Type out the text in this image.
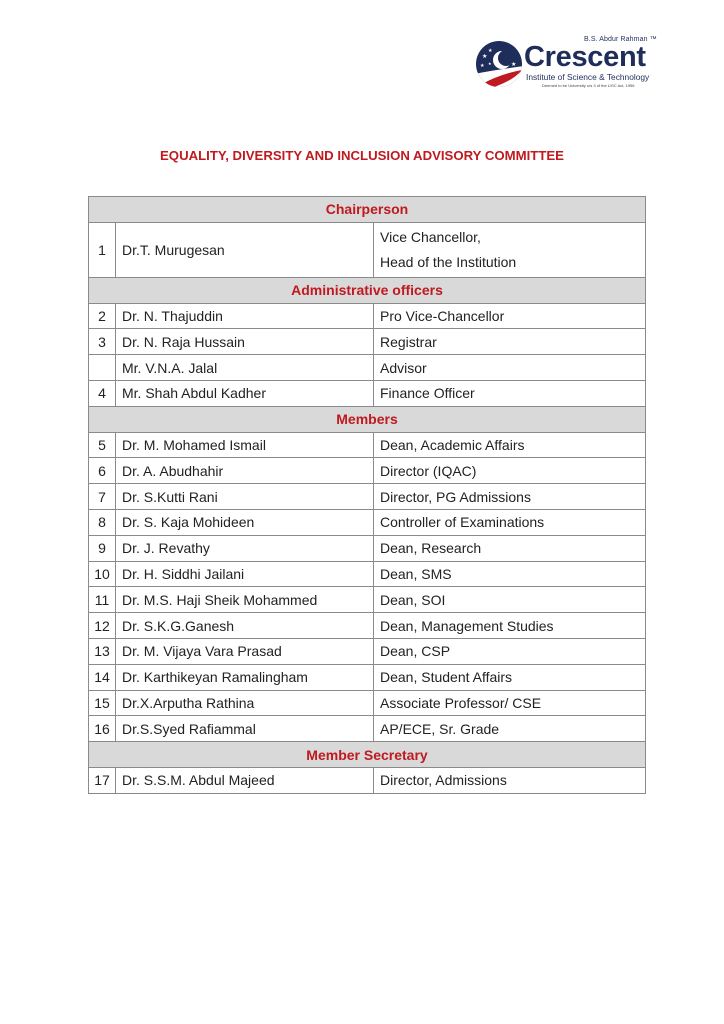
★
★
★	★
★
B.S. Abdur Rahman ™
Crescent
Institute of Science & Technology
Deemed to be University u/s 3 of the UGC Act, 1956
EQUALITY, DIVERSITY AND INCLUSION ADVISORY COMMITTEE
Chairperson		
1	Dr.T. Murugesan	Vice Chancellor,
Head of the Institution

Administrative officers		
2	Dr. N. Thajuddin	Pro Vice-Chancellor
3	Dr. N. Raja Hussain	Registrar
	Mr. V.N.A. Jalal	Advisor
4	Mr. Shah Abdul Kadher	Finance Officer
Members		
5	Dr. M. Mohamed Ismail	Dean, Academic Affairs
6	Dr. A. Abudhahir	Director (IQAC)
7	Dr. S.Kutti Rani	Director, PG Admissions
8	Dr. S. Kaja Mohideen	Controller of Examinations
9	Dr. J. Revathy	Dean, Research
10	Dr. H. Siddhi Jailani	Dean, SMS
11	Dr. M.S. Haji Sheik Mohammed	Dean, SOI
12	Dr. S.K.G.Ganesh	Dean, Management Studies
13	Dr. M. Vijaya Vara Prasad	Dean, CSP
14	Dr. Karthikeyan Ramalingham	Dean, Student Affairs
15	Dr.X.Arputha Rathina	Associate Professor/ CSE
16	Dr.S.Syed Rafiammal	AP/ECE, Sr. Grade
Member Secretary		
17	Dr. S.S.M. Abdul Majeed	Director, Admissions
